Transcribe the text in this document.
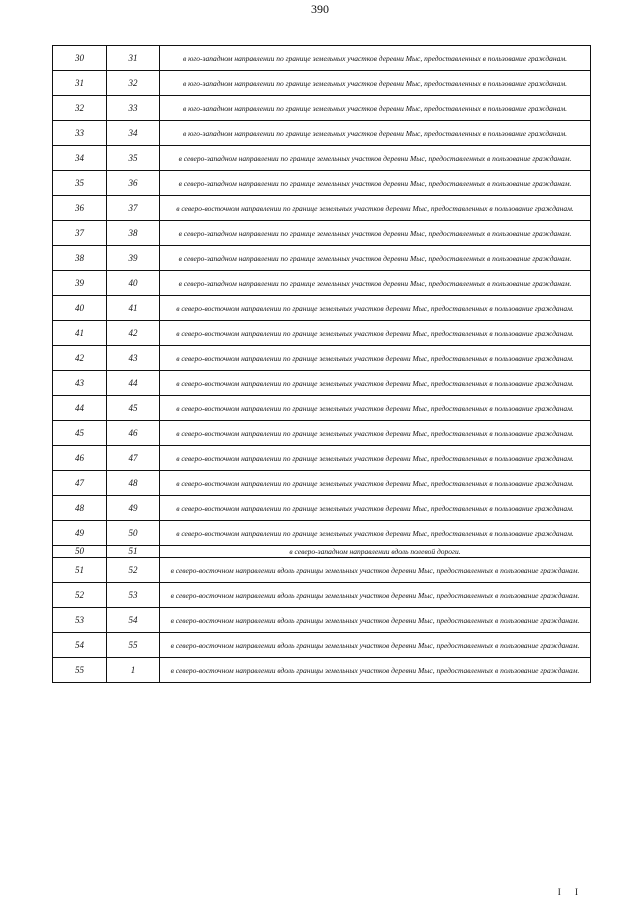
390
30	31	в юго-западном направлении по границе земельных участков деревни Мыс, предоставленных в пользование гражданам.
31	32	в юго-западном направлении по границе земельных участков деревни Мыс, предоставленных в пользование гражданам.
32	33	в юго-западном направлении по границе земельных участков деревни Мыс, предоставленных в пользование гражданам.
33	34	в юго-западном направлении по границе земельных участков деревни Мыс, предоставленных в пользование гражданам.
34	35	в северо-западном направлении по границе земельных участков деревни Мыс, предоставленных в пользование гражданам.
35	36	в северо-западном направлении по границе земельных участков деревни Мыс, предоставленных в пользование гражданам.
36	37	в северо-восточном направлении по границе земельных участков деревни Мыс, предоставленных в пользование гражданам.
37	38	в северо-западном направлении по границе земельных участков деревни Мыс, предоставленных в пользование гражданам.
38	39	в северо-западном направлении по границе земельных участков деревни Мыс, предоставленных в пользование гражданам.
39	40	в северо-западном направлении по границе земельных участков деревни Мыс, предоставленных в пользование гражданам.
40	41	в северо-восточном направлении по границе земельных участков деревни Мыс, предоставленных в пользование гражданам.
41	42	в северо-восточном направлении по границе земельных участков деревни Мыс, предоставленных в пользование гражданам.
42	43	в северо-восточном направлении по границе земельных участков деревни Мыс, предоставленных в пользование гражданам.
43	44	в северо-восточном направлении по границе земельных участков деревни Мыс, предоставленных в пользование гражданам.
44	45	в северо-восточном направлении по границе земельных участков деревни Мыс, предоставленных в пользование гражданам.
45	46	в северо-восточном направлении по границе земельных участков деревни Мыс, предоставленных в пользование гражданам.
46	47	в северо-восточном направлении по границе земельных участков деревни Мыс, предоставленных в пользование гражданам.
47	48	в северо-восточном направлении по границе земельных участков деревни Мыс, предоставленных в пользование гражданам.
48	49	в северо-восточном направлении по границе земельных участков деревни Мыс, предоставленных в пользование гражданам.
49	50	в северо-восточном направлении по границе земельных участков деревни Мыс, предоставленных в пользование гражданам.
50	51	в северо-западном направлении вдоль полевой дороги.
51	52	в северо-восточном направлении вдоль границы земельных участков деревни Мыс, предоставленных в пользование гражданам.
52	53	в северо-восточном направлении вдоль границы земельных участков деревни Мыс, предоставленных в пользование гражданам.
53	54	в северо-восточном направлении вдоль границы земельных участков деревни Мыс, предоставленных в пользование гражданам.
54	55	в северо-восточном направлении вдоль границы земельных участков деревни Мыс, предоставленных в пользование гражданам.
55	1	в северо-восточном направлении вдоль границы земельных участков деревни Мыс, предоставленных в пользование гражданам.
I I
